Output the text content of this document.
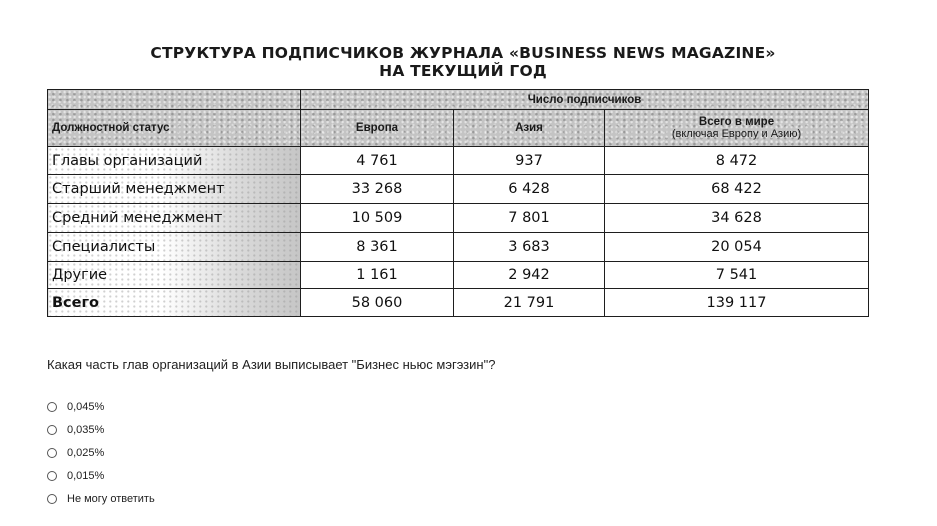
СТРУКТУРА ПОДПИСЧИКОВ ЖУРНАЛА «BUSINESS NEWS MAGAZINE»
НА ТЕКУЩИЙ ГОД
	Число подписчиков		
Должностной статус	Европа	Азия	Всего в мире
(включая Европу и Азию)

Главы организаций	4 761	937	8 472
Старший менеджмент	33 268	6 428	68 422
Средний менеджмент	10 509	7 801	34 628
Специалисты	8 361	3 683	20 054
Другие	1 161	2 942	7 541
Всего	58 060	21 791	139 117
Какая часть глав организаций в Азии выписывает "Бизнес ньюс мэгэзин"?
0,045%
0,035%
0,025%
0,015%
Не могу ответить
